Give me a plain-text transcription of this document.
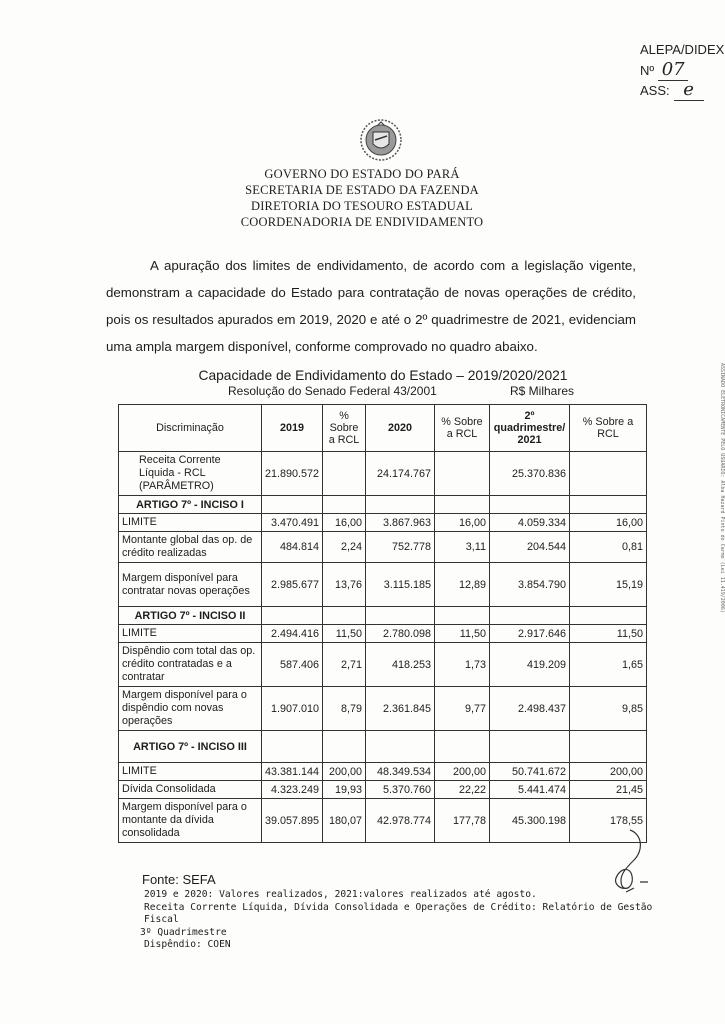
ALEPA/DIDEX
Nº 07
ASS: e
ASSINADO ELETRONICAMENTE PELO USUÁRIO: Alba Hazard Pinto do Carmo (Lei 11.419/2006)
GOVERNO DO ESTADO DO PARÁ
SECRETARIA DE ESTADO DA FAZENDA
DIRETORIA DO TESOURO ESTADUAL
COORDENADORIA DE ENDIVIDAMENTO

A apuração dos limites de endividamento, de acordo com a legislação vigente, demonstram a capacidade do Estado para contratação de novas operações de crédito, pois os resultados apurados em 2019, 2020 e até o 2º quadrimestre de 2021, evidenciam uma ampla margem disponível, conforme comprovado no quadro abaixo.

Capacidade de Endividamento do Estado – 2019/2020/2021
Resolução do Senado Federal 43/2001	R$ Milhares
Discriminação	2019	% Sobre a RCL	2020	% Sobre a RCL	2º quadrimestre/ 2021	% Sobre a RCL
Receita Corrente Líquida - RCL (PARÂMETRO)	21.890.572		24.174.767		25.370.836	
ARTIGO 7º - INCISO I						
LIMITE	3.470.491	16,00	3.867.963	16,00	4.059.334	16,00
Montante global das op. de crédito realizadas	484.814	2,24	752.778	3,11	204.544	0,81
Margem disponível para contratar novas operações	2.985.677	13,76	3.115.185	12,89	3.854.790	15,19
ARTIGO 7º - INCISO II						
LIMITE	2.494.416	11,50	2.780.098	11,50	2.917.646	11,50
Dispêndio com total das op. crédito contratadas e a contratar	587.406	2,71	418.253	1,73	419.209	1,65
Margem disponível para o dispêndio com novas operações	1.907.010	8,79	2.361.845	9,77	2.498.437	9,85
ARTIGO 7º - INCISO III						
LIMITE	43.381.144	200,00	48.349.534	200,00	50.741.672	200,00
Dívida Consolidada	4.323.249	19,93	5.370.760	22,22	5.441.474	21,45
Margem disponível para o montante da dívida consolidada	39.057.895	180,07	42.978.774	177,78	45.300.198	178,55
Fonte: SEFA
2019 e 2020: Valores realizados, 2021:valores realizados até agosto.
Receita Corrente Líquida, Dívida Consolidada e Operações de Crédito: Relatório de Gestão Fiscal
3º Quadrimestre
Dispêndio: COEN
